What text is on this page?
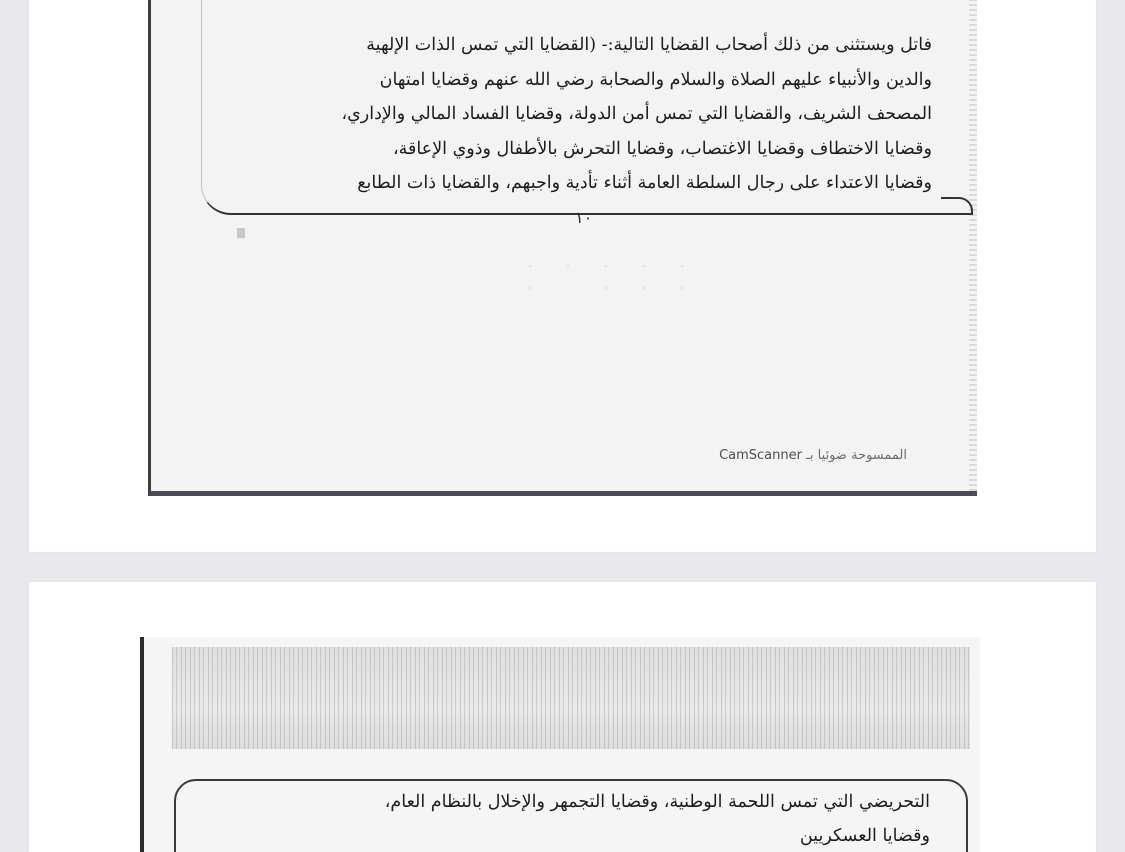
فاتل ويستثنى من ذلك أصحاب القضايا التالية:- (القضايا التي تمس الذات الإلهية
والدين والأنبياء عليهم الصلاة والسلام والصحابة رضي الله عنهم وقضايا امتهان
المصحف الشريف، والقضايا التي تمس أمن الدولة، وقضايا الفساد المالي والإداري،
وقضايا الاختطاف وقضايا الاغتصاب، وقضايا التحرش بالأطفال وذوي الإعاقة،
وقضايا الاعتداء على رجال السلطة العامة أثناء تأدية واجبهم، والقضايا ذات الطابع

١٠

CamScanner الممسوحة ضوئيا بـ

التحريضي التي تمس اللحمة الوطنية، وقضايا التجمهر والإخلال بالنظام العام،
وقضايا العسكريين
